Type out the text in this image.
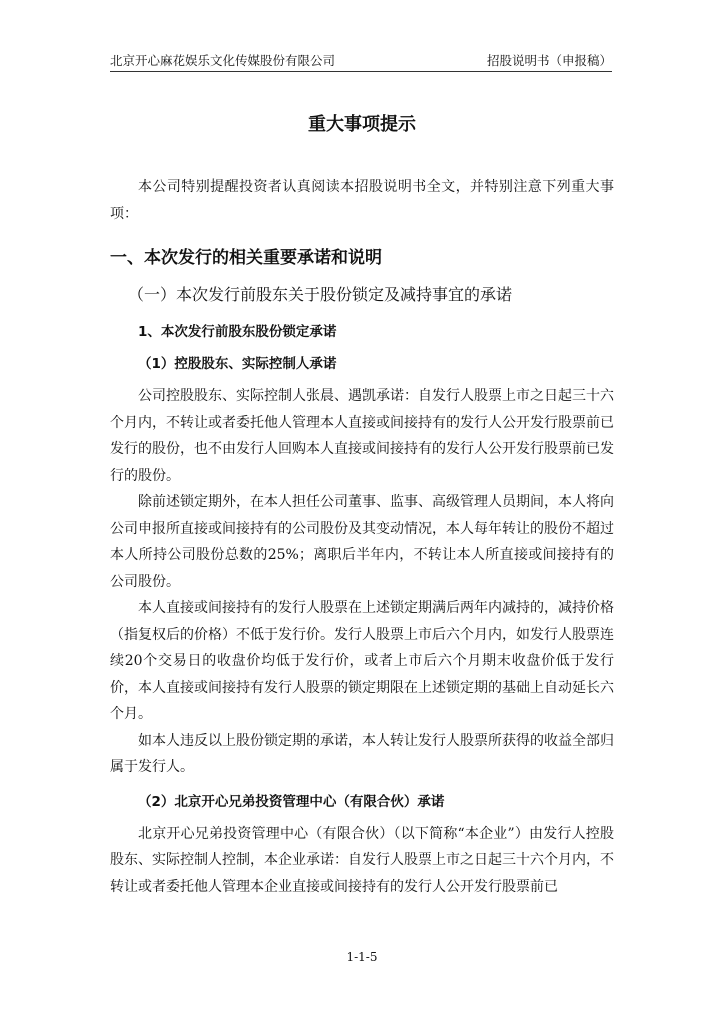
北京开心麻花娱乐文化传媒股份有限公司	招股说明书（申报稿）
重大事项提示

本公司特别提醒投资者认真阅读本招股说明书全文，并特别注意下列重大事项：

一、本次发行的相关重要承诺和说明
（一）本次发行前股东关于股份锁定及减持事宜的承诺
1、本次发行前股东股份锁定承诺
（1）控股股东、实际控制人承诺

公司控股股东、实际控制人张晨、遇凯承诺：自发行人股票上市之日起三十六个月内，不转让或者委托他人管理本人直接或间接持有的发行人公开发行股票前已发行的股份，也不由发行人回购本人直接或间接持有的发行人公开发行股票前已发行的股份。

除前述锁定期外，在本人担任公司董事、监事、高级管理人员期间，本人将向公司申报所直接或间接持有的公司股份及其变动情况，本人每年转让的股份不超过本人所持公司股份总数的25%；离职后半年内，不转让本人所直接或间接持有的公司股份。

本人直接或间接持有的发行人股票在上述锁定期满后两年内减持的，减持价格（指复权后的价格）不低于发行价。发行人股票上市后六个月内，如发行人股票连续20个交易日的收盘价均低于发行价，或者上市后六个月期末收盘价低于发行价，本人直接或间接持有发行人股票的锁定期限在上述锁定期的基础上自动延长六个月。

如本人违反以上股份锁定期的承诺，本人转让发行人股票所获得的收益全部归属于发行人。

（2）北京开心兄弟投资管理中心（有限合伙）承诺

北京开心兄弟投资管理中心（有限合伙）（以下简称“本企业”）由发行人控股股东、实际控制人控制，本企业承诺：自发行人股票上市之日起三十六个月内，不转让或者委托他人管理本企业直接或间接持有的发行人公开发行股票前已

1-1-5
